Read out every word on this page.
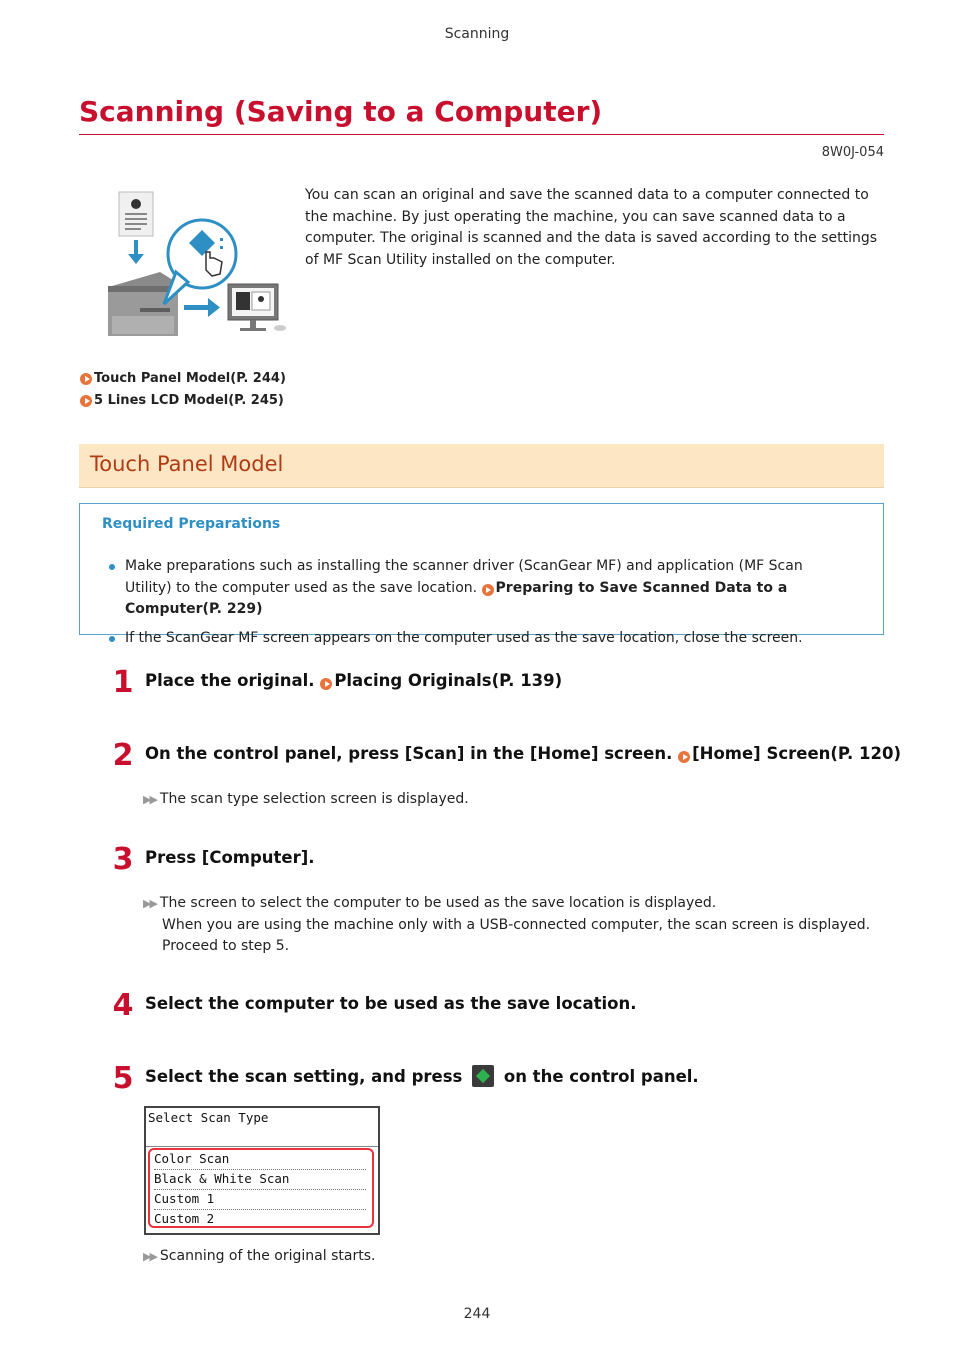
Scanning
Scanning (Saving to a Computer)
8W0J-054
You can scan an original and save the scanned data to a computer connected to the machine. By just operating the machine, you can save scanned data to a computer. The original is scanned and the data is saved according to the settings of MF Scan Utility installed on the computer.
Touch Panel Model(P. 244)
5 Lines LCD Model(P. 245)
Touch Panel Model
Required Preparations
Make preparations such as installing the scanner driver (ScanGear MF) and application (MF Scan Utility) to the computer used as the save location. Preparing to Save Scanned Data to a Computer(P. 229)
If the ScanGear MF screen appears on the computer used as the save location, close the screen.
1 Place the original. Placing Originals(P. 139)
2 On the control panel, press [Scan] in the [Home] screen. [Home] Screen(P. 120)
▶▶ The scan type selection screen is displayed.
3 Press [Computer].
▶▶ The screen to select the computer to be used as the save location is displayed.
When you are using the machine only with a USB-connected computer, the scan screen is displayed.
Proceed to step 5.
4 Select the computer to be used as the save location.
5 Select the scan setting, and press	on the control panel.
Select Scan Type
Color Scan
Black & White Scan
Custom 1
Custom 2
▶▶ Scanning of the original starts.
244
